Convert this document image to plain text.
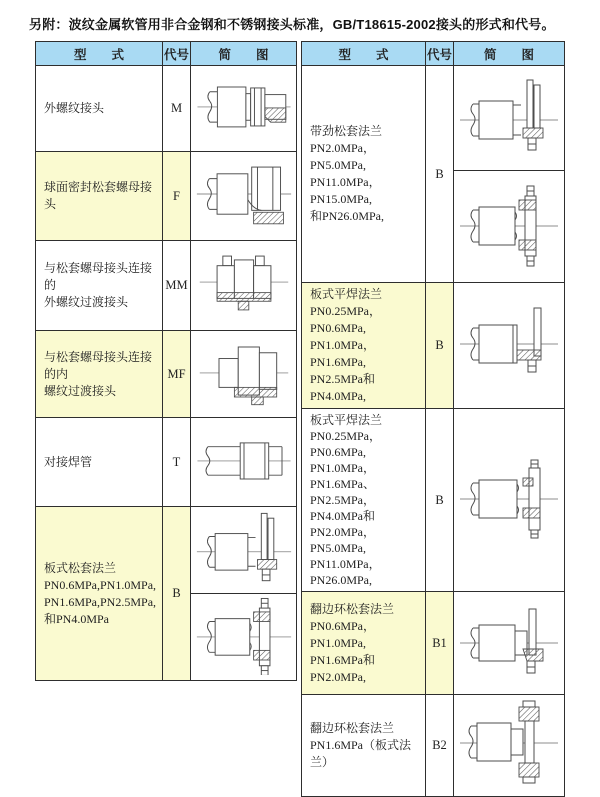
另附：波纹金属软管用非合金钢和不锈钢接头标准，GB/T18615-2002接头的形式和代号。
型　　式	代号	简　　图

外螺纹接头	M	

球面密封松套螺母接头	F	

与松套螺母接头连接的
外螺纹过渡接头	MM	

与松套螺母接头连接的内
螺纹过渡接头	MF	

对接焊管	T	

板式松套法兰
PN0.6MPa,PN1.0MPa,
PN1.6MPa,PN2.5MPa,
和PN4.0MPa	B	

型　　式	代号	简　　图

带劲松套法兰
PN2.0MPa，PN5.0MPa,
PN11.0MPa，PN15.0MPa,
和PN26.0MPa,	B	

板式平焊法兰
PN0.25MPa，PN0.6MPa,
PN1.0MPa，PN1.6MPa,
PN2.5MPa和PN4.0MPa,	B	

板式平焊法兰
PN0.25MPa，PN0.6MPa,
PN1.0MPa，PN1.6MPa、
PN2.5MPa，PN4.0MPa和
PN2.0MPa，PN5.0MPa,
PN11.0MPa，PN26.0MPa,
	B	

翻边环松套法兰
PN0.6MPa，PN1.0MPa,
PN1.6MPa和PN2.0MPa,	B1	

翻边环松套法兰
PN1.6MPa（板式法兰）	B2	
